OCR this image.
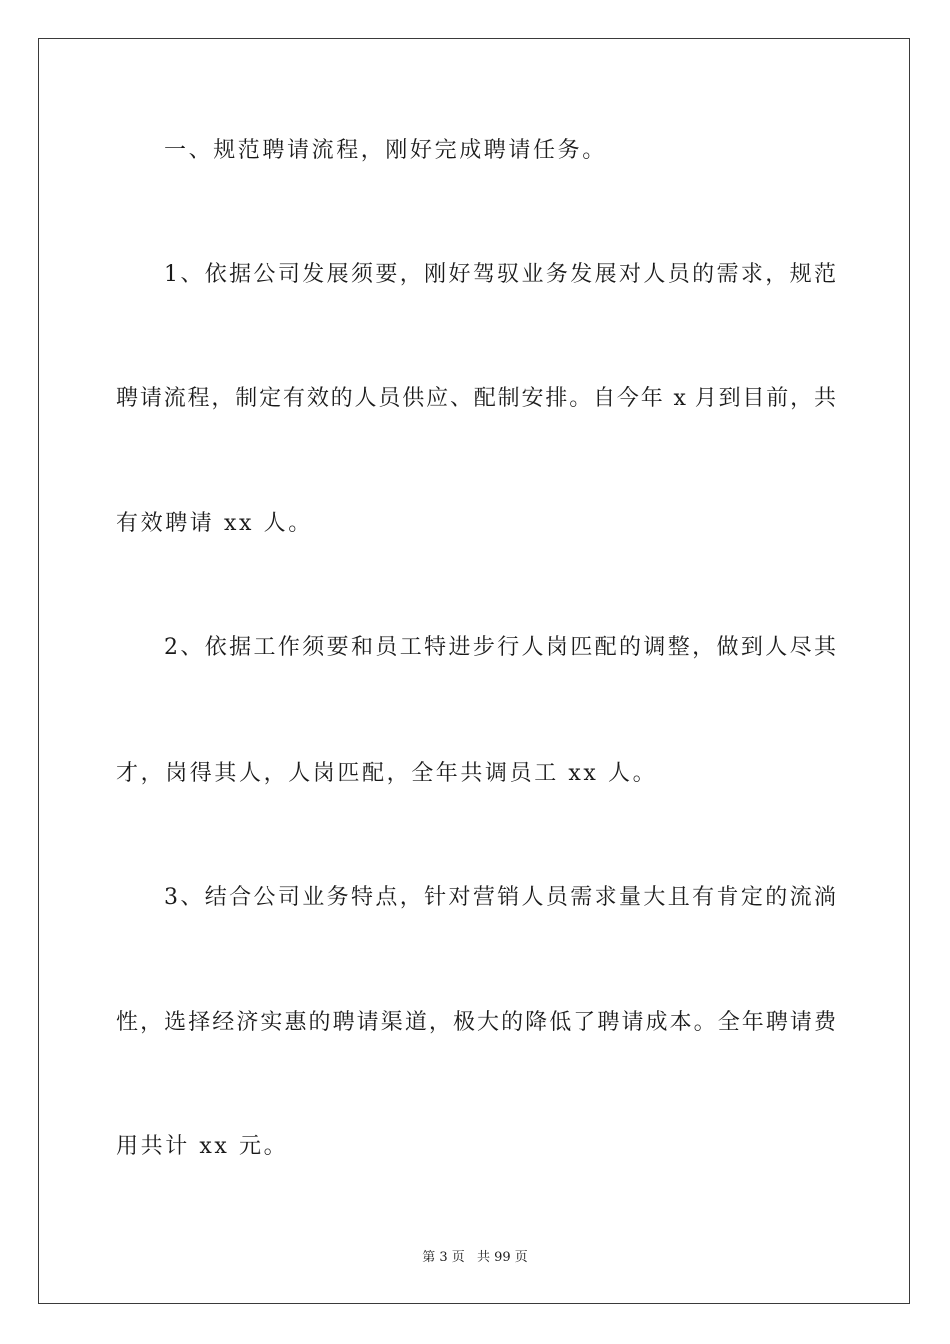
一、规范聘请流程，刚好完成聘请任务。
1、依据公司发展须要，刚好驾驭业务发展对人员的需求，规范
聘请流程，制定有效的人员供应、配制安排。自今年 x 月到目前，共
有效聘请 xx 人。
2、依据工作须要和员工特进步行人岗匹配的调整，做到人尽其
才，岗得其人，人岗匹配，全年共调员工 xx 人。
3、结合公司业务特点，针对营销人员需求量大且有肯定的流淌
性，选择经济实惠的聘请渠道，极大的降低了聘请成本。全年聘请费
用共计 xx 元。
第 3 页 共 99 页
